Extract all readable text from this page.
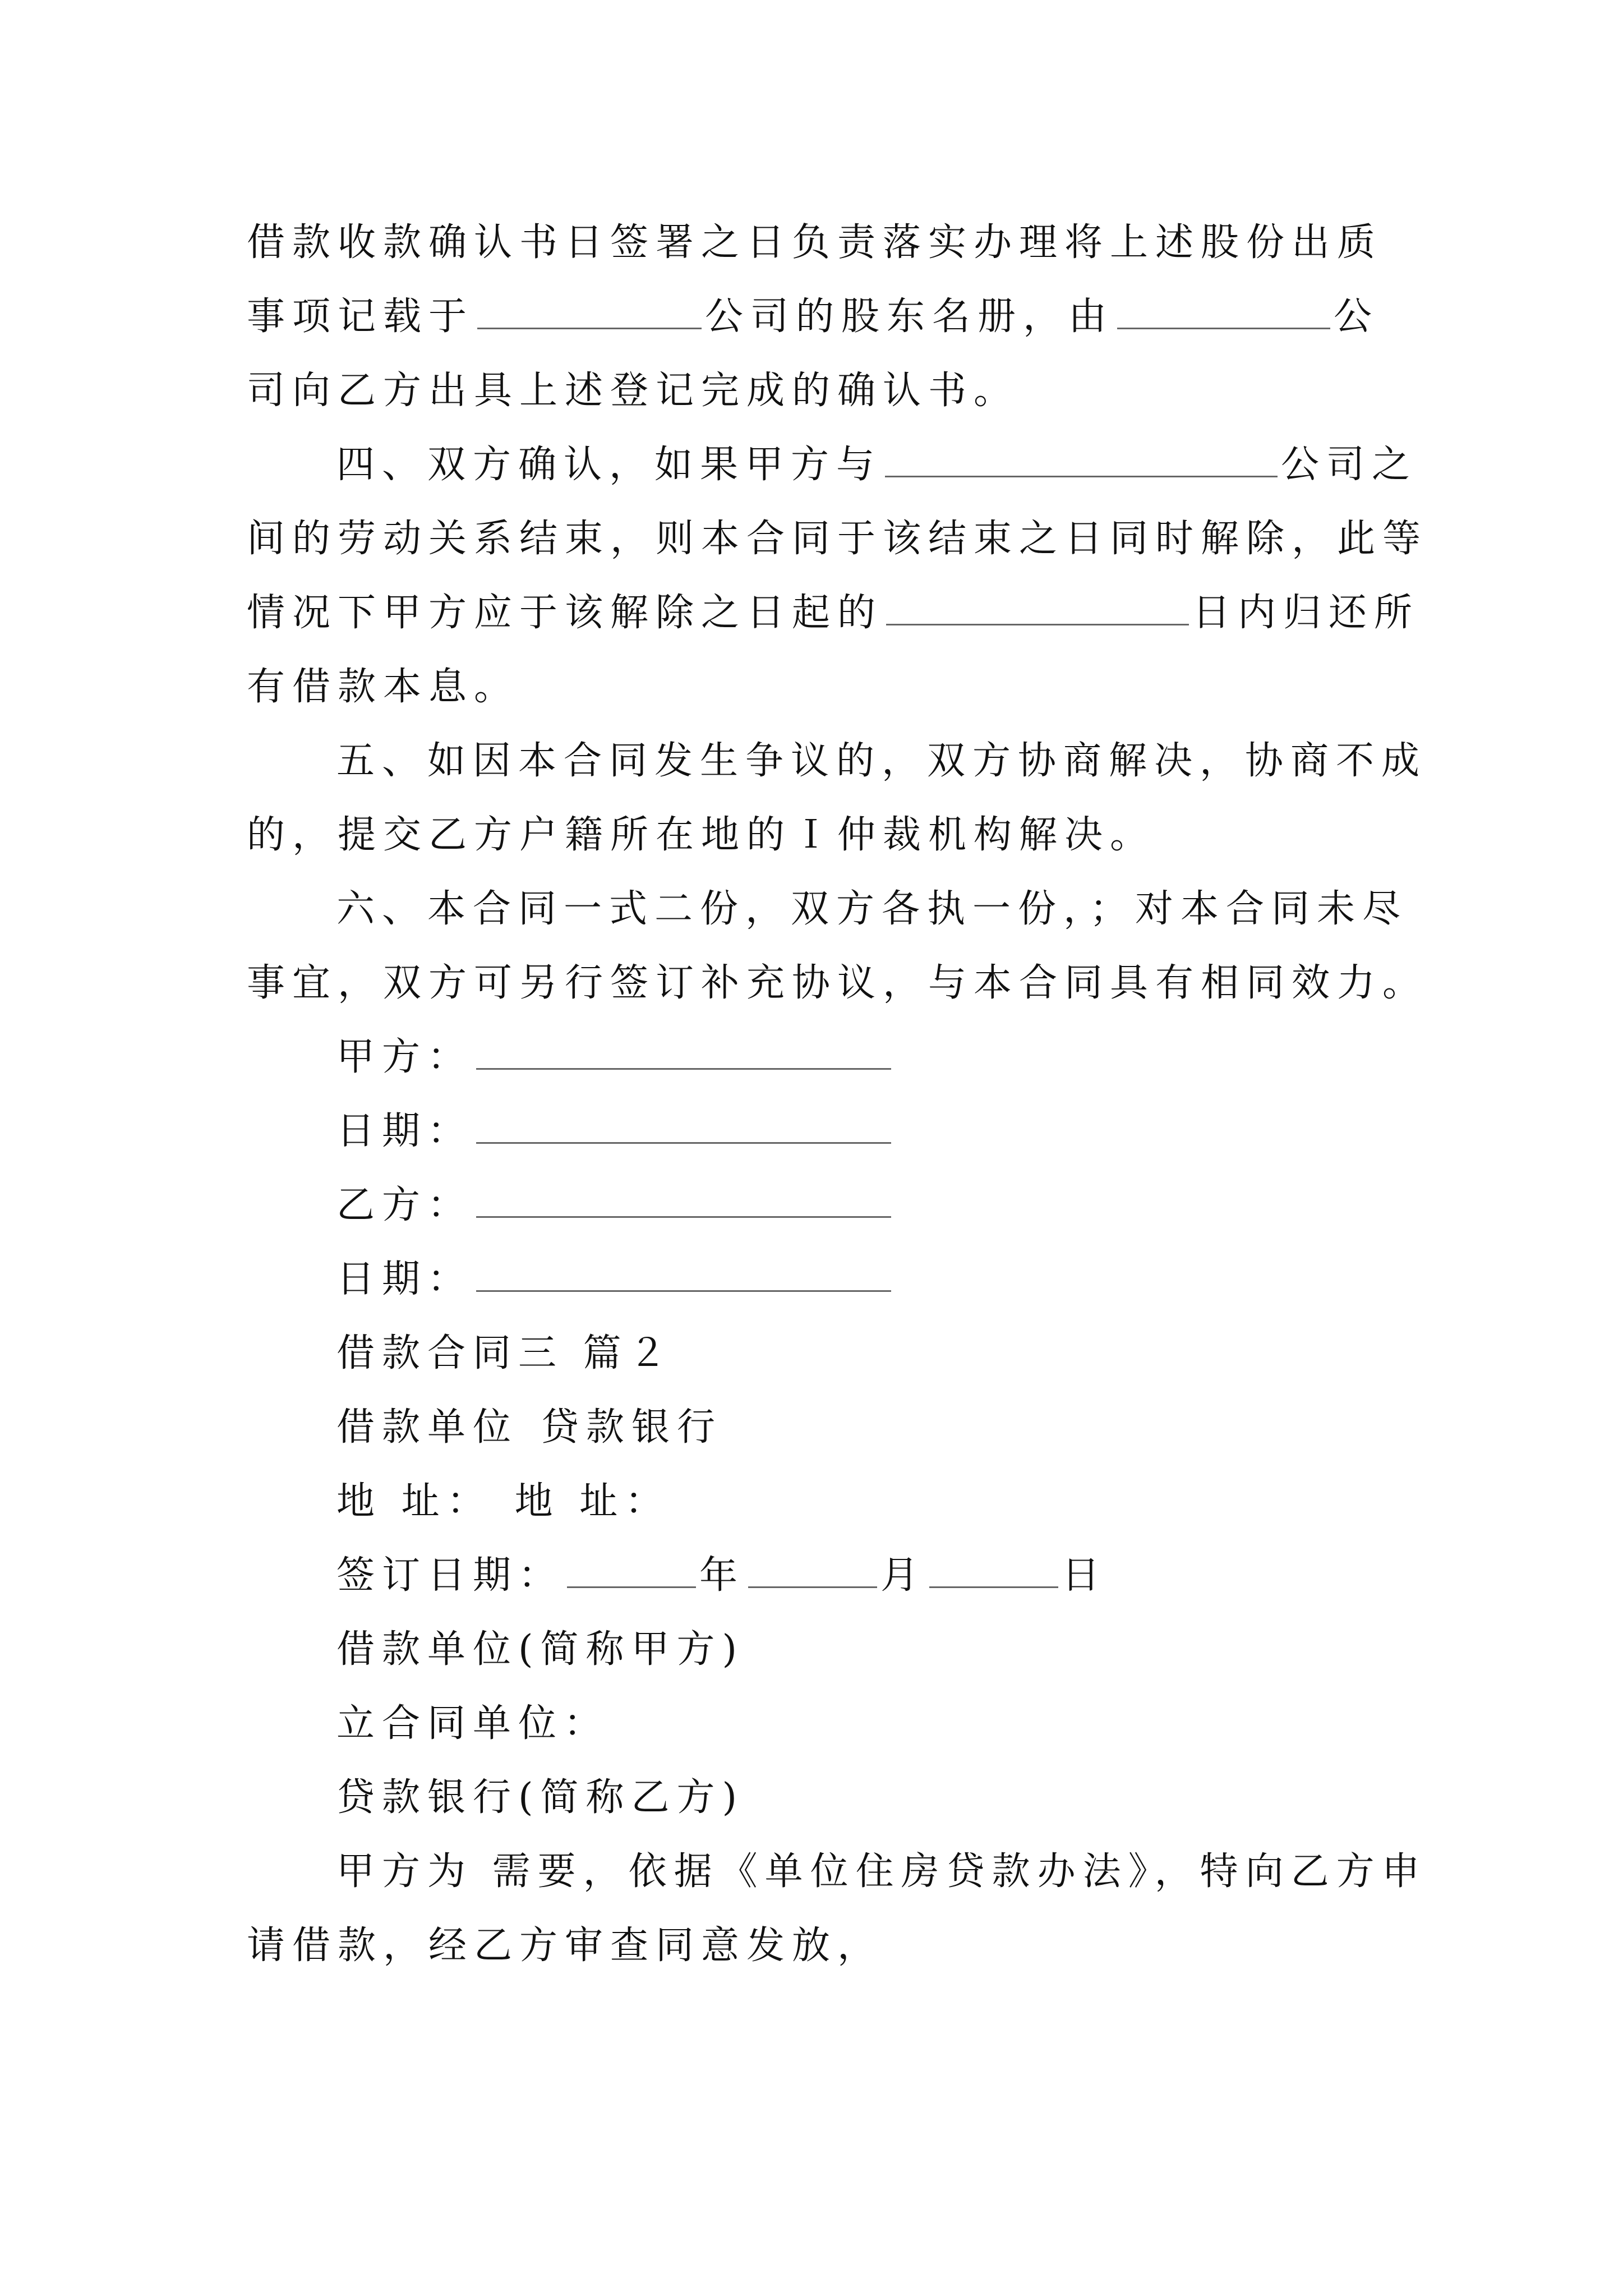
借款收款确认书日签署之日负责落实办理将上述股份出质
事项记载于	公司的股东名册，由	公
司向乙方出具上述登记完成的确认书。
四、双方确认，如果甲方与	公司之
间的劳动关系结束，则本合同于该结束之日同时解除，此等
情况下甲方应于该解除之日起的	日内归还所
有借款本息。
五、如因本合同发生争议的，双方协商解决，协商不成
的，提交乙方户籍所在地的Ｉ仲裁机构解决。
六、本合同一式二份，双方各执一份，；对本合同未尽
事宜，双方可另行签订补充协议，与本合同具有相同效力。
甲方：
日期：
乙方：
日期：
借款合同三 篇２
借款单位 贷款银行
地 址： 地 址：
签订日期：	年	月	日
借款单位(简称甲方)
立合同单位：
贷款银行(简称乙方)
甲方为 需要，依据《单位住房贷款办法》，特向乙方申
请借款，经乙方审查同意发放，
